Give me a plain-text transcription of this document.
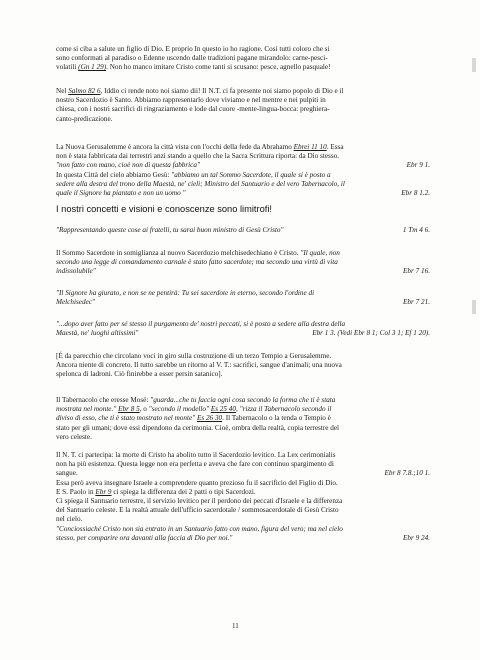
come si ciba a salute un figlio di Dio. E proprio In questo io ho ragione. Così tutti coloro che si

sono conformati al paradiso o Edenne uscendo dalle tradizioni pagane mirandolo: carne-pesci-

volatili (Gn 1 29). Non ho manco imitare Cristo come tanti si scusano: pesce, agnello pasquale!

Nel Salmo 82 6, Iddio ci rende noto noi siamo dii! Il N.T. ci fa presente noi siamo popolo di Dio e il

nostro Sacerdozio è Santo. Abbiamo rappresentarlo dove viviamo e nel mentre e nei pulpiti in

chiesa, con i nostri sacrifici di ringraziamento e lode dal cuore -mente-lingua-bocca: preghiera-

canto-predicazione.

La Nuova Gerusalemme è ancora la città vista con l'occhi della fede da Abrahamo Ebrei 11 10. Essa

non è stata fabbricata dai terrestri anzi stando a quello che la Sacra Scrittura riporta: da Dio stesso.

"non fatto con mano, cioè non di questa fabbrica"	Ebr 9 1.

In questa Città del cielo abbiamo Gesù: "abbiamo un tal Sommo Sacerdote, il quale si è posto a

sedere alla destra del trono della Maestà, ne' cieli; Ministro del Santuario e del vero Tabernacolo, il

quale il Signore ha piantato e non un uomo "	Ebr 8 1.2.

I nostri concetti e visioni e conoscenze sono limitrofi!

"Rappresentando queste cose ai fratelli, tu sarai buon ministro di Gesù Cristo"	1 Tm 4 6.

Il Sommo Sacerdote in somiglianza al nuovo Sacerdozio melchisedechiano è Cristo. "Il quale, non

secondo una legge di comandamento carnale è stato fatto sacerdote; ma secondo una virtù di vita

indissolubile"	Ebr 7 16.

"Il Signore ha giurato, e non se ne pentirà: Tu sei sacerdote in eterno, secondo l'ordine di

Melchisedec"	Ebr 7 21.

"...dopo aver fatto per sé stesso il purgamento de' nostri peccati, si è posto a sedere alla destra della

Maestà, ne' luoghi altissimi"	Ebr 1 3. (Vedi Ebr 8 1; Col 3 1; Ef 1 20).

[É da parecchio che circolano voci in giro sulla costruzione di un terzo Tempio a Gerusalemme.

Ancora niente di concreto. Il tutto sarebbe un ritorno al V. T.: sacrifici, sangue d'animali; una nuova

spelonca di ladroni. Ciò finirebbe a esser persin satanico].

Il Tabernacolo che eresse Mosé: "guarda...che tu faccia ogni cosa secondo la forma che ti è stata

mostrata nel monte." Ebr 8 5, o "secondo il modello" Es 25 40, "rizza il Tabernacolo secondo il

diviso di esso, che ti è stato mostrato nel monte" Es 26 30. Il Tabernacolo o la tenda o Tempio è

stato per gli umani; dove essi dipendono da cerimonia. Cioè, ombra della realtà, copia terrestre del

vero celeste.

Il N. T. ci partecipa: la morte di Cristo ha abolito tutto il Sacerdozio levitico. La Lex cerimonialis

non ha più esistenza. Questa legge non era perfetta e aveva che fare con continuo spargimento di

sangue.	Ebr 8 7.8.;10 1.

Essa però aveva insegnare Israele a comprendere quanto prezioso fu il sacrificio del Figlio di Dio.

E S. Paolo in Ebr 9 ci spiega la differenza dei 2 patti o tipi Sacerdozi.

Ci spiega il Santuario terrestre, il servizio levitico per il perdono dei peccati d'Israele e la differenza

del Santuario celeste. E la realtà attuale dell'ufficio sacerdotale / sommosacerdotale di Gesù Cristo

nel cielo.

"Conciossiaché Cristo non sia entrato in un Santuario fatto con mano, figura del vero; ma nel cielo

stesso, per comparire ora davanti alla faccia di Dio per noi."	Ebr 9 24.
11
